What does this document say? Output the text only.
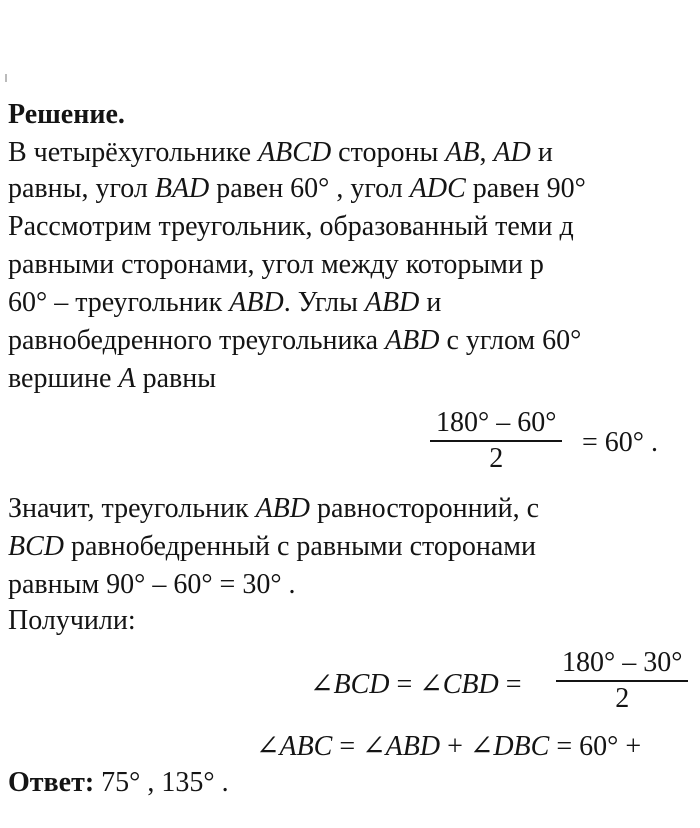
Решение.
В четырёхугольнике ABCD стороны AB, AD и
равны, угол BAD равен 60° , угол ADC равен 90°
Рассмотрим треугольник, образованный теми д
равными сторонами, угол между которыми р
60° – треугольник ABD. Углы ABD и
равнобедренного треугольника ABD с углом 60°
вершине A равны
$\frac{180^\circ - 60^\circ}{2} = 60^\circ$ .
Значит, треугольник ABD равносторонний, с
BCD равнобедренный с равными сторонами
равным 90° – 60° = 30° .
Получили:
∠BCD = ∠CBD = $\frac{180^\circ - 30^\circ}{2}$
∠ABC = ∠ABD + ∠DBC = 60° +
Ответ: 75° , 135° .
